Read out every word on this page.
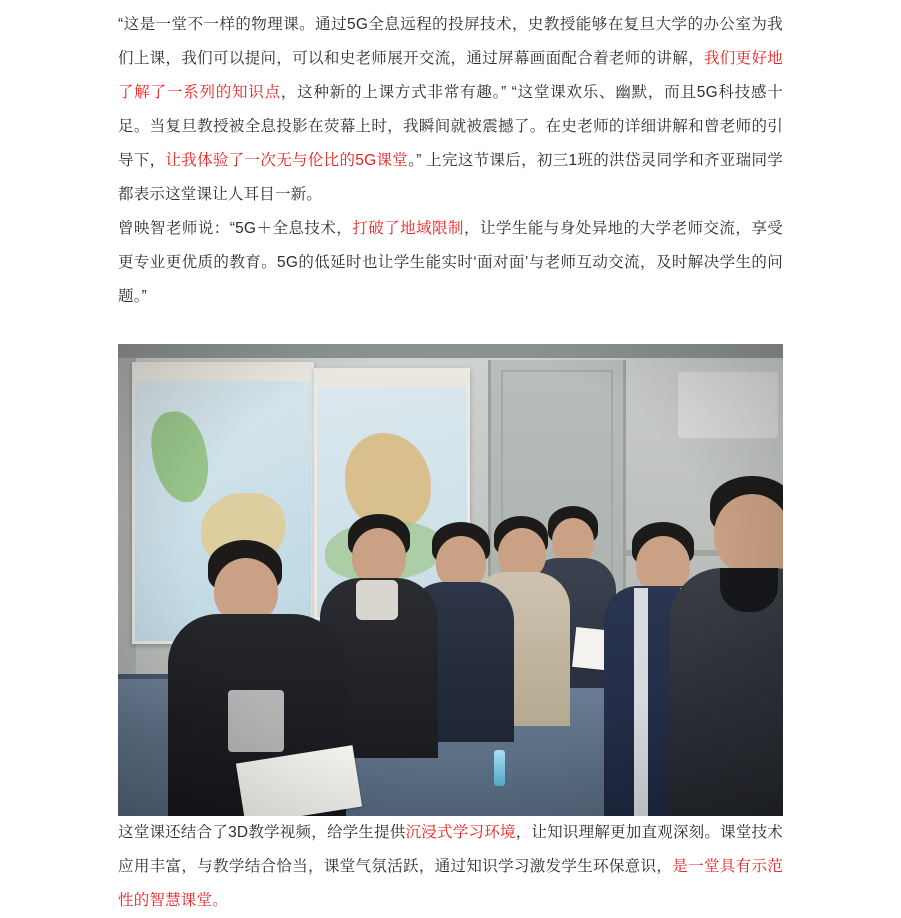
“这是一堂不一样的物理课。通过5G全息远程的投屏技术，史教授能够在复旦大学的办公室为我们上课，我们可以提问，可以和史老师展开交流，通过屏幕画面配合着老师的讲解，我们更好地了解了一系列的知识点，这种新的上课方式非常有趣。” “这堂课欢乐、幽默，而且5G科技感十足。当复旦教授被全息投影在荧幕上时，我瞬间就被震撼了。在史老师的详细讲解和曾老师的引导下，让我体验了一次无与伦比的5G课堂。” 上完这节课后，初三1班的洪岱灵同学和齐亚瑞同学都表示这堂课让人耳目一新。

曾映智老师说：“5G＋全息技术，打破了地域限制，让学生能与身处异地的大学老师交流，享受更专业更优质的教育。5G的低延时也让学生能实时‘面对面’与老师互动交流，及时解决学生的问题。”

这堂课还结合了3D教学视频，给学生提供沉浸式学习环境，让知识理解更加直观深刻。课堂技术应用丰富，与教学结合恰当，课堂气氛活跃，通过知识学习激发学生环保意识，是一堂具有示范性的智慧课堂。
